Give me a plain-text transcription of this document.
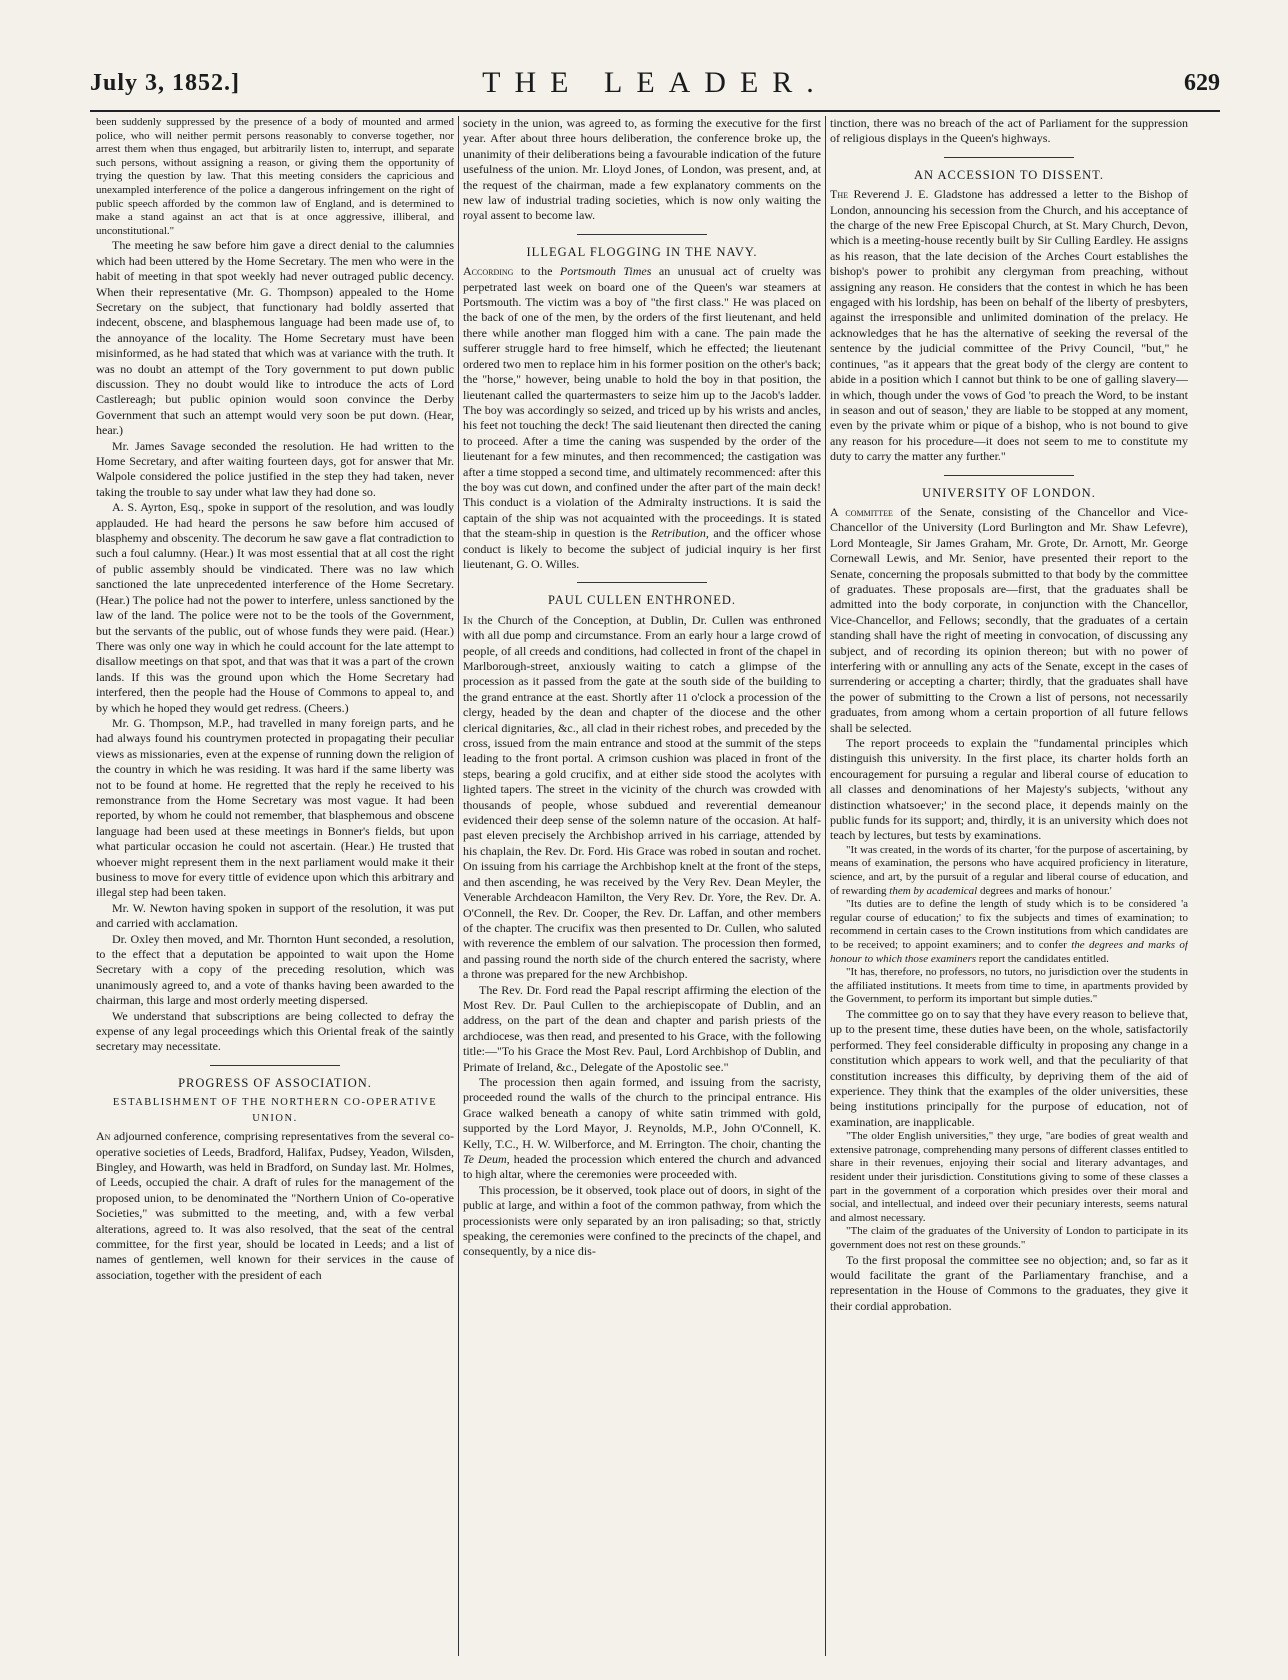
July 3, 1852.]	THE LEADER.	629

been suddenly suppressed by the presence of a body of mounted and armed police, who will neither permit persons reasonably to converse together, nor arrest them when thus engaged, but arbitrarily listen to, interrupt, and separate such persons, without assigning a reason, or giving them the opportunity of trying the question by law. That this meeting considers the capricious and unexampled interference of the police a dangerous infringement on the right of public speech afforded by the common law of England, and is determined to make a stand against an act that is at once aggressive, illiberal, and unconstitutional."

The meeting he saw before him gave a direct denial to the calumnies which had been uttered by the Home Secretary. The men who were in the habit of meeting in that spot weekly had never outraged public decency. When their representative (Mr. G. Thompson) appealed to the Home Secretary on the subject, that functionary had boldly asserted that indecent, obscene, and blasphemous language had been made use of, to the annoyance of the locality. The Home Secretary must have been misinformed, as he had stated that which was at variance with the truth. It was no doubt an attempt of the Tory government to put down public discussion. They no doubt would like to introduce the acts of Lord Castlereagh; but public opinion would soon convince the Derby Government that such an attempt would very soon be put down. (Hear, hear.)

Mr. James Savage seconded the resolution. He had written to the Home Secretary, and after waiting fourteen days, got for answer that Mr. Walpole considered the police justified in the step they had taken, never taking the trouble to say under what law they had done so.

A. S. Ayrton, Esq., spoke in support of the resolution, and was loudly applauded. He had heard the persons he saw before him accused of blasphemy and obscenity. The decorum he saw gave a flat contradiction to such a foul calumny. (Hear.) It was most essential that at all cost the right of public assembly should be vindicated. There was no law which sanctioned the late unprecedented interference of the Home Secretary. (Hear.) The police had not the power to interfere, unless sanctioned by the law of the land. The police were not to be the tools of the Government, but the servants of the public, out of whose funds they were paid. (Hear.) There was only one way in which he could account for the late attempt to disallow meetings on that spot, and that was that it was a part of the crown lands. If this was the ground upon which the Home Secretary had interfered, then the people had the House of Commons to appeal to, and by which he hoped they would get redress. (Cheers.)

Mr. G. Thompson, M.P., had travelled in many foreign parts, and he had always found his countrymen protected in propagating their peculiar views as missionaries, even at the expense of running down the religion of the country in which he was residing. It was hard if the same liberty was not to be found at home. He regretted that the reply he received to his remonstrance from the Home Secretary was most vague. It had been reported, by whom he could not remember, that blasphemous and obscene language had been used at these meetings in Bonner's fields, but upon what particular occasion he could not ascertain. (Hear.) He trusted that whoever might represent them in the next parliament would make it their business to move for every tittle of evidence upon which this arbitrary and illegal step had been taken.

Mr. W. Newton having spoken in support of the resolution, it was put and carried with acclamation.

Dr. Oxley then moved, and Mr. Thornton Hunt seconded, a resolution, to the effect that a deputation be appointed to wait upon the Home Secretary with a copy of the preceding resolution, which was unanimously agreed to, and a vote of thanks having been awarded to the chairman, this large and most orderly meeting dispersed.

We understand that subscriptions are being collected to defray the expense of any legal proceedings which this Oriental freak of the saintly secretary may necessitate.

PROGRESS OF ASSOCIATION.
ESTABLISHMENT OF THE NORTHERN CO-OPERATIVE UNION.

An adjourned conference, comprising representatives from the several co-operative societies of Leeds, Bradford, Halifax, Pudsey, Yeadon, Wilsden, Bingley, and Howarth, was held in Bradford, on Sunday last. Mr. Holmes, of Leeds, occupied the chair. A draft of rules for the management of the proposed union, to be denominated the "Northern Union of Co-operative Societies," was submitted to the meeting, and, with a few verbal alterations, agreed to. It was also resolved, that the seat of the central committee, for the first year, should be located in Leeds; and a list of names of gentlemen, well known for their services in the cause of association, together with the president of each

society in the union, was agreed to, as forming the executive for the first year. After about three hours deliberation, the conference broke up, the unanimity of their deliberations being a favourable indication of the future usefulness of the union. Mr. Lloyd Jones, of London, was present, and, at the request of the chairman, made a few explanatory comments on the new law of industrial trading societies, which is now only waiting the royal assent to become law.

ILLEGAL FLOGGING IN THE NAVY.

According to the Portsmouth Times an unusual act of cruelty was perpetrated last week on board one of the Queen's war steamers at Portsmouth. The victim was a boy of "the first class." He was placed on the back of one of the men, by the orders of the first lieutenant, and held there while another man flogged him with a cane. The pain made the sufferer struggle hard to free himself, which he effected; the lieutenant ordered two men to replace him in his former position on the other's back; the "horse," however, being unable to hold the boy in that position, the lieutenant called the quartermasters to seize him up to the Jacob's ladder. The boy was accordingly so seized, and triced up by his wrists and ancles, his feet not touching the deck! The said lieutenant then directed the caning to proceed. After a time the caning was suspended by the order of the lieutenant for a few minutes, and then recommenced; the castigation was after a time stopped a second time, and ultimately recommenced: after this the boy was cut down, and confined under the after part of the main deck! This conduct is a violation of the Admiralty instructions. It is said the captain of the ship was not acquainted with the proceedings. It is stated that the steam-ship in question is the Retribution, and the officer whose conduct is likely to become the subject of judicial inquiry is her first lieutenant, G. O. Willes.

PAUL CULLEN ENTHRONED.

In the Church of the Conception, at Dublin, Dr. Cullen was enthroned with all due pomp and circumstance. From an early hour a large crowd of people, of all creeds and conditions, had collected in front of the chapel in Marlborough-street, anxiously waiting to catch a glimpse of the procession as it passed from the gate at the south side of the building to the grand entrance at the east. Shortly after 11 o'clock a procession of the clergy, headed by the dean and chapter of the diocese and the other clerical dignitaries, &c., all clad in their richest robes, and preceded by the cross, issued from the main entrance and stood at the summit of the steps leading to the front portal. A crimson cushion was placed in front of the steps, bearing a gold crucifix, and at either side stood the acolytes with lighted tapers. The street in the vicinity of the church was crowded with thousands of people, whose subdued and reverential demeanour evidenced their deep sense of the solemn nature of the occasion. At half-past eleven precisely the Archbishop arrived in his carriage, attended by his chaplain, the Rev. Dr. Ford. His Grace was robed in soutan and rochet. On issuing from his carriage the Archbishop knelt at the front of the steps, and then ascending, he was received by the Very Rev. Dean Meyler, the Venerable Archdeacon Hamilton, the Very Rev. Dr. Yore, the Rev. Dr. A. O'Connell, the Rev. Dr. Cooper, the Rev. Dr. Laffan, and other members of the chapter. The crucifix was then presented to Dr. Cullen, who saluted with reverence the emblem of our salvation. The procession then formed, and passing round the north side of the church entered the sacristy, where a throne was prepared for the new Archbishop.

The Rev. Dr. Ford read the Papal rescript affirming the election of the Most Rev. Dr. Paul Cullen to the archiepiscopate of Dublin, and an address, on the part of the dean and chapter and parish priests of the archdiocese, was then read, and presented to his Grace, with the following title:—"To his Grace the Most Rev. Paul, Lord Archbishop of Dublin, and Primate of Ireland, &c., Delegate of the Apostolic see."

The procession then again formed, and issuing from the sacristy, proceeded round the walls of the church to the principal entrance. His Grace walked beneath a canopy of white satin trimmed with gold, supported by the Lord Mayor, J. Reynolds, M.P., John O'Connell, K. Kelly, T.C., H. W. Wilberforce, and M. Errington. The choir, chanting the Te Deum, headed the procession which entered the church and advanced to high altar, where the ceremonies were proceeded with.

This procession, be it observed, took place out of doors, in sight of the public at large, and within a foot of the common pathway, from which the processionists were only separated by an iron palisading; so that, strictly speaking, the ceremonies were confined to the precincts of the chapel, and consequently, by a nice dis-

tinction, there was no breach of the act of Parliament for the suppression of religious displays in the Queen's highways.

AN ACCESSION TO DISSENT.

The Reverend J. E. Gladstone has addressed a letter to the Bishop of London, announcing his secession from the Church, and his acceptance of the charge of the new Free Episcopal Church, at St. Mary Church, Devon, which is a meeting-house recently built by Sir Culling Eardley. He assigns as his reason, that the late decision of the Arches Court establishes the bishop's power to prohibit any clergyman from preaching, without assigning any reason. He considers that the contest in which he has been engaged with his lordship, has been on behalf of the liberty of presbyters, against the irresponsible and unlimited domination of the prelacy. He acknowledges that he has the alternative of seeking the reversal of the sentence by the judicial committee of the Privy Council, "but," he continues, "as it appears that the great body of the clergy are content to abide in a position which I cannot but think to be one of galling slavery—in which, though under the vows of God 'to preach the Word, to be instant in season and out of season,' they are liable to be stopped at any moment, even by the private whim or pique of a bishop, who is not bound to give any reason for his procedure—it does not seem to me to constitute my duty to carry the matter any further."

UNIVERSITY OF LONDON.

A committee of the Senate, consisting of the Chancellor and Vice-Chancellor of the University (Lord Burlington and Mr. Shaw Lefevre), Lord Monteagle, Sir James Graham, Mr. Grote, Dr. Arnott, Mr. George Cornewall Lewis, and Mr. Senior, have presented their report to the Senate, concerning the proposals submitted to that body by the committee of graduates. These proposals are—first, that the graduates shall be admitted into the body corporate, in conjunction with the Chancellor, Vice-Chancellor, and Fellows; secondly, that the graduates of a certain standing shall have the right of meeting in convocation, of discussing any subject, and of recording its opinion thereon; but with no power of interfering with or annulling any acts of the Senate, except in the cases of surrendering or accepting a charter; thirdly, that the graduates shall have the power of submitting to the Crown a list of persons, not necessarily graduates, from among whom a certain proportion of all future fellows shall be selected.

The report proceeds to explain the "fundamental principles which distinguish this university. In the first place, its charter holds forth an encouragement for pursuing a regular and liberal course of education to all classes and denominations of her Majesty's subjects, 'without any distinction whatsoever;' in the second place, it depends mainly on the public funds for its support; and, thirdly, it is an university which does not teach by lectures, but tests by examinations.

"It was created, in the words of its charter, 'for the purpose of ascertaining, by means of examination, the persons who have acquired proficiency in literature, science, and art, by the pursuit of a regular and liberal course of education, and of rewarding them by academical degrees and marks of honour.'

"Its duties are to define the length of study which is to be considered 'a regular course of education;' to fix the subjects and times of examination; to recommend in certain cases to the Crown institutions from which candidates are to be received; to appoint examiners; and to confer the degrees and marks of honour to which those examiners report the candidates entitled.

"It has, therefore, no professors, no tutors, no jurisdiction over the students in the affiliated institutions. It meets from time to time, in apartments provided by the Government, to perform its important but simple duties."

The committee go on to say that they have every reason to believe that, up to the present time, these duties have been, on the whole, satisfactorily performed. They feel considerable difficulty in proposing any change in a constitution which appears to work well, and that the peculiarity of that constitution increases this difficulty, by depriving them of the aid of experience. They think that the examples of the older universities, these being institutions principally for the purpose of education, not of examination, are inapplicable.

"The older English universities," they urge, "are bodies of great wealth and extensive patronage, comprehending many persons of different classes entitled to share in their revenues, enjoying their social and literary advantages, and resident under their jurisdiction. Constitutions giving to some of these classes a part in the government of a corporation which presides over their moral and social, and intellectual, and indeed over their pecuniary interests, seems natural and almost necessary.

"The claim of the graduates of the University of London to participate in its government does not rest on these grounds."

To the first proposal the committee see no objection; and, so far as it would facilitate the grant of the Parliamentary franchise, and a representation in the House of Commons to the graduates, they give it their cordial approbation.
